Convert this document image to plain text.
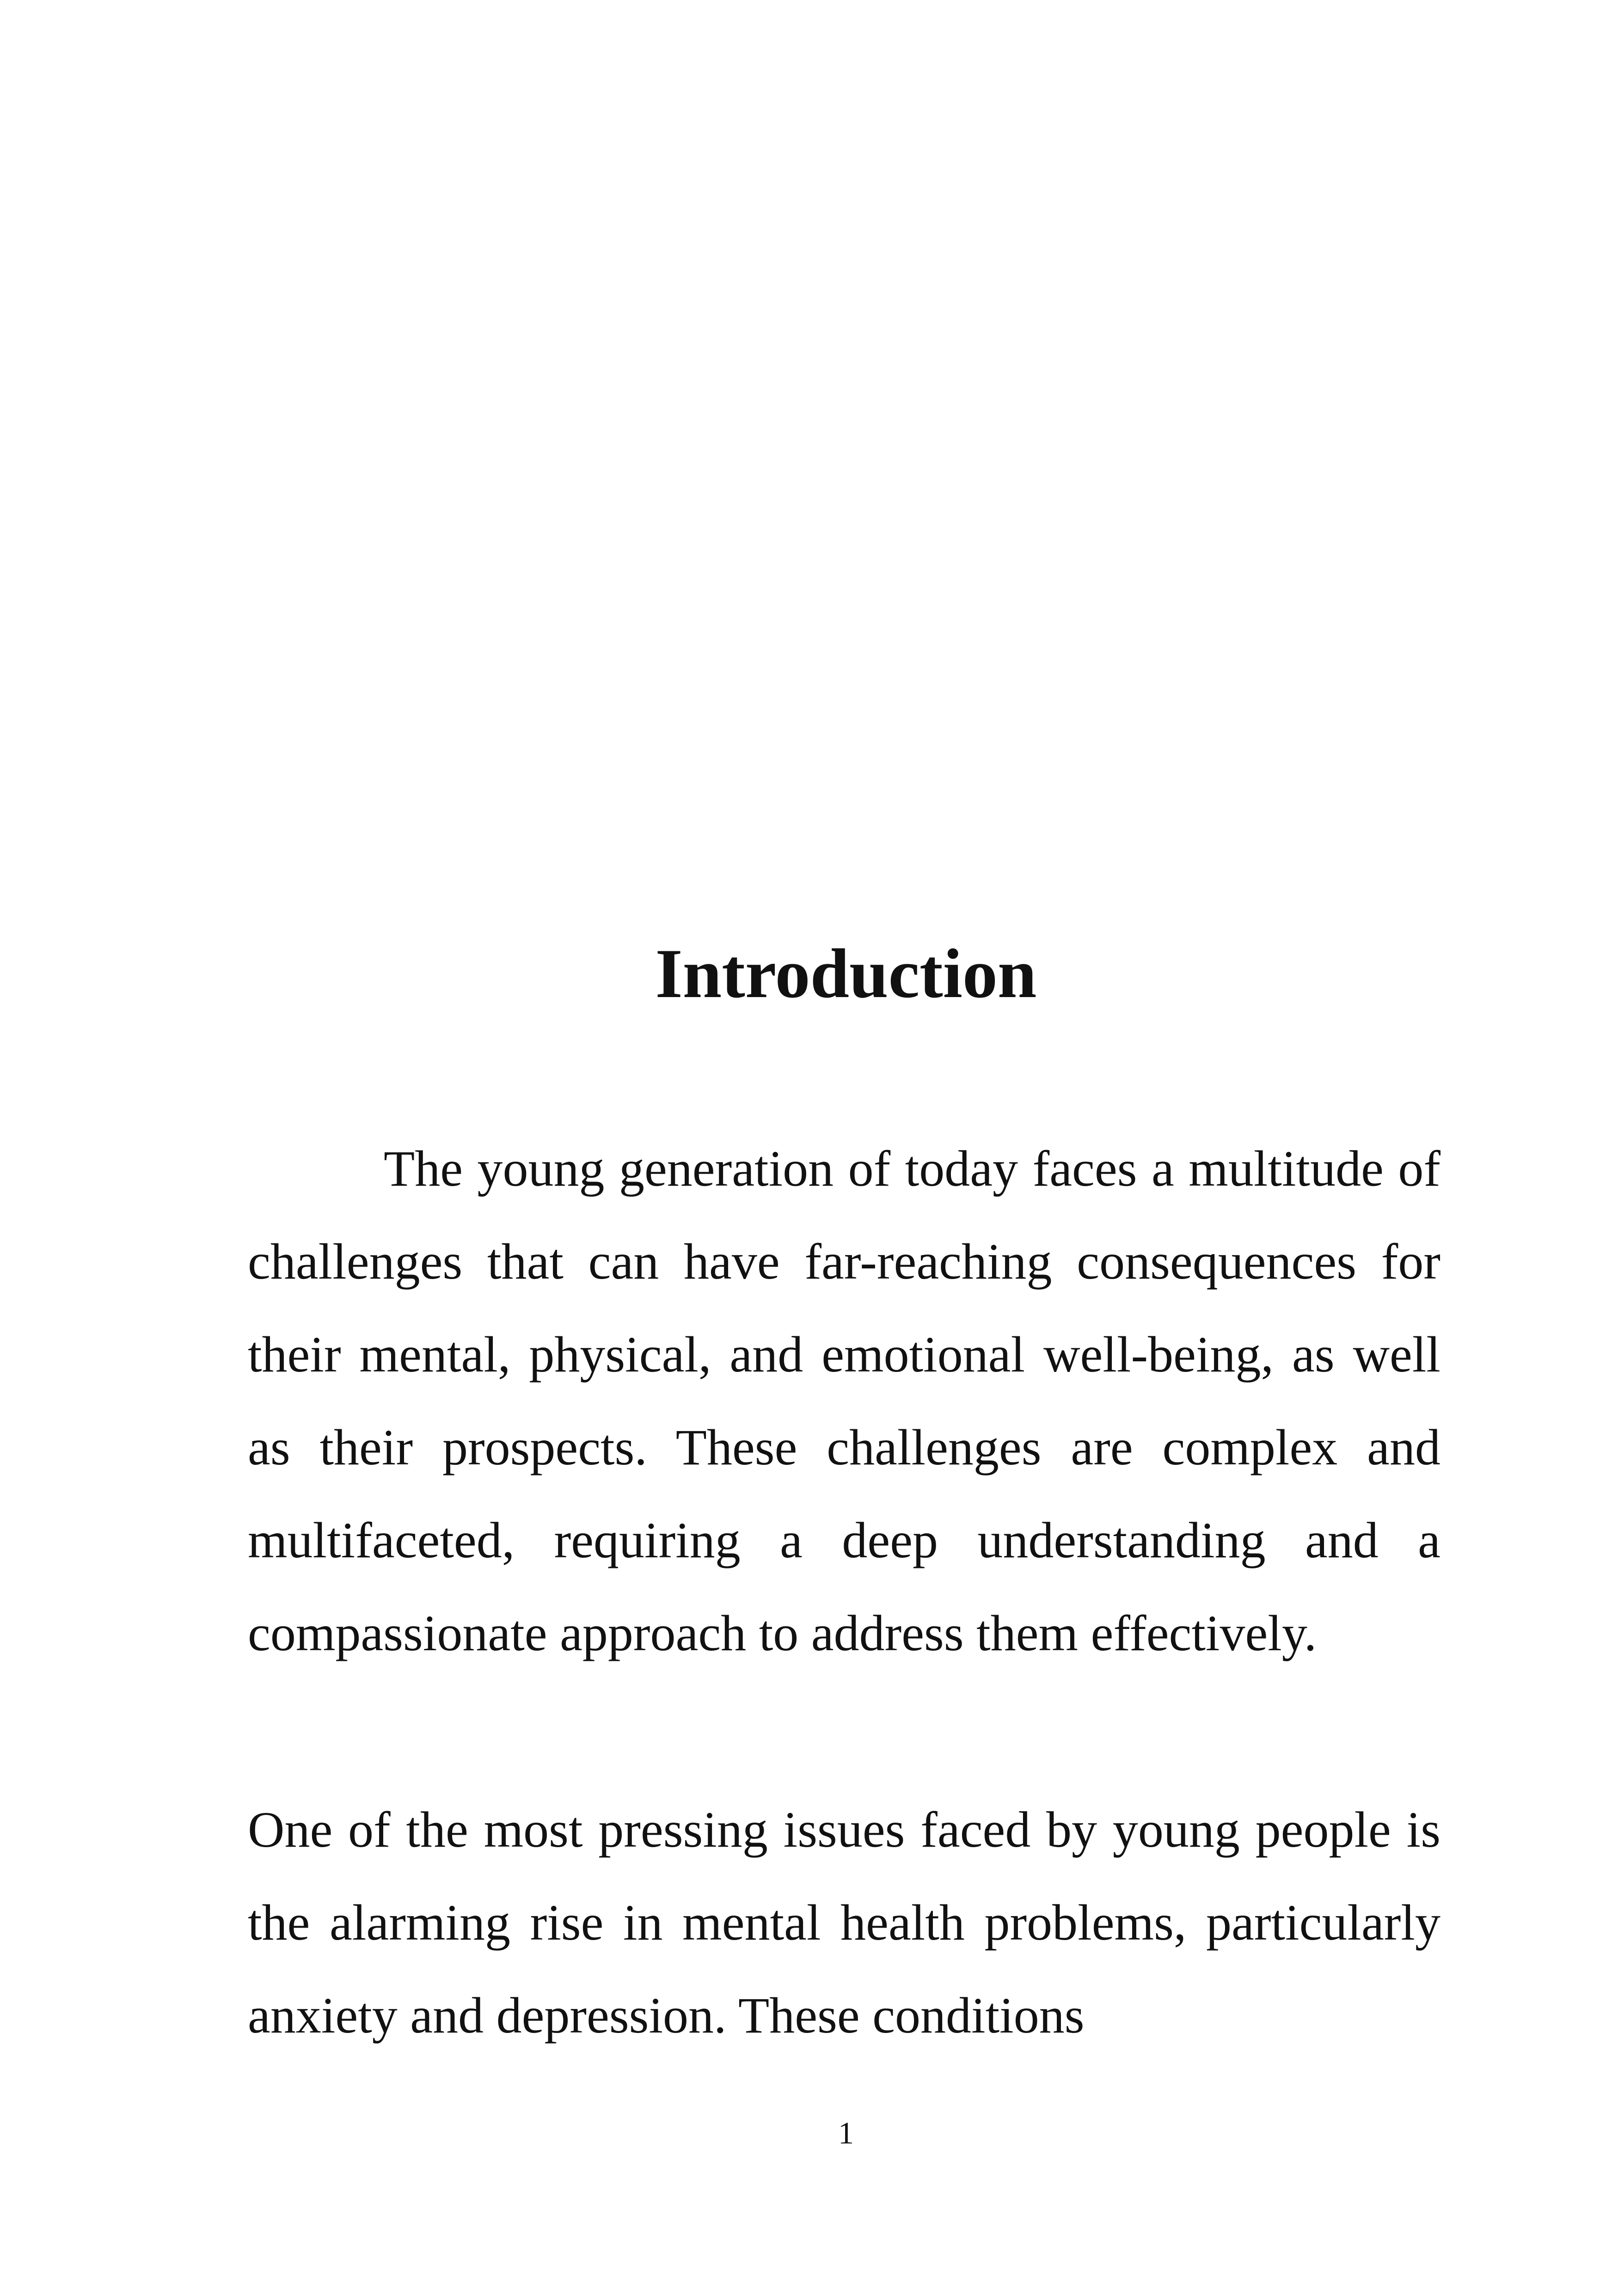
Introduction

The young generation of today faces a multitude of challenges that can have far-reaching consequences for their mental, physical, and emotional well-being, as well as their prospects. These challenges are complex and multifaceted, requiring a deep understanding and a compassionate approach to address them effectively.

One of the most pressing issues faced by young people is the alarming rise in mental health problems, particularly anxiety and depression. These conditions

1
